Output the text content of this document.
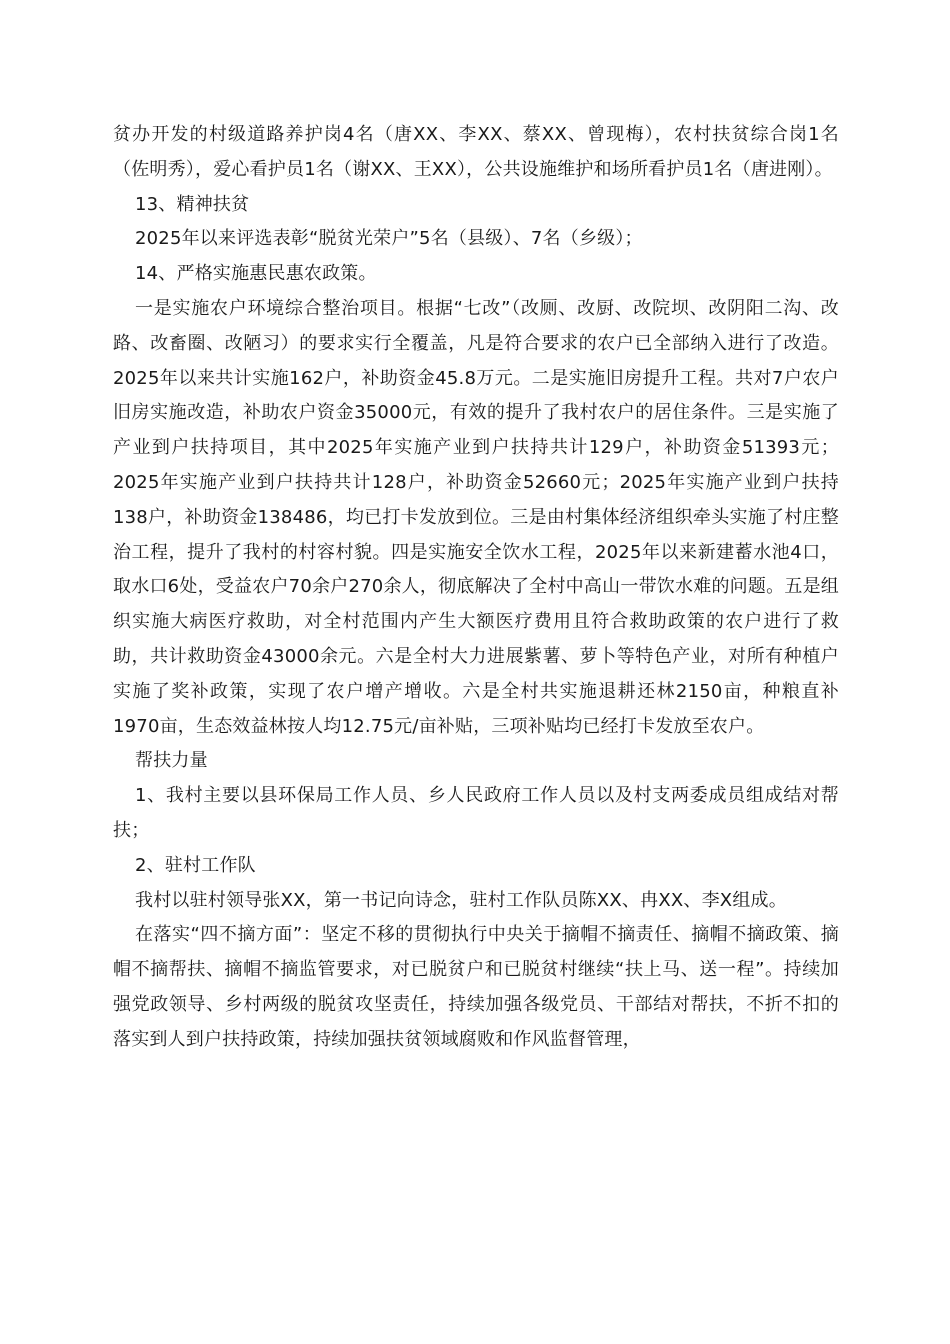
贫办开发的村级道路养护岗4名（唐XX、李XX、蔡XX、曾现梅），农村扶贫综合岗1名（佐明秀），爱心看护员1名（谢XX、王XX），公共设施维护和场所看护员1名（唐进刚）。

13、精神扶贫

2025年以来评选表彰“脱贫光荣户”5名（县级）、7名（乡级）；

14、严格实施惠民惠农政策。

一是实施农户环境综合整治项目。根据“七改”（改厕、改厨、改院坝、改阴阳二沟、改路、改畜圈、改陋习）的要求实行全覆盖，凡是符合要求的农户已全部纳入进行了改造。2025年以来共计实施162户，补助资金45.8万元。二是实施旧房提升工程。共对7户农户旧房实施改造，补助农户资金35000元，有效的提升了我村农户的居住条件。三是实施了产业到户扶持项目，其中2025年实施产业到户扶持共计129户，补助资金51393元；2025年实施产业到户扶持共计128户，补助资金52660元；2025年实施产业到户扶持138户，补助资金138486，均已打卡发放到位。三是由村集体经济组织牵头实施了村庄整治工程，提升了我村的村容村貌。四是实施安全饮水工程，2025年以来新建蓄水池4口，取水口6处，受益农户70余户270余人，彻底解决了全村中高山一带饮水难的问题。五是组织实施大病医疗救助，对全村范围内产生大额医疗费用且符合救助政策的农户进行了救助，共计救助资金43000余元。六是全村大力进展紫薯、萝卜等特色产业，对所有种植户实施了奖补政策，实现了农户增产增收。六是全村共实施退耕还林2150亩，种粮直补1970亩，生态效益林按人均12.75元/亩补贴，三项补贴均已经打卡发放至农户。

帮扶力量

1、我村主要以县环保局工作人员、乡人民政府工作人员以及村支两委成员组成结对帮扶；

2、驻村工作队

我村以驻村领导张XX，第一书记向诗念，驻村工作队员陈XX、冉XX、李X组成。

在落实“四不摘方面”：坚定不移的贯彻执行中央关于摘帽不摘责任、摘帽不摘政策、摘帽不摘帮扶、摘帽不摘监管要求，对已脱贫户和已脱贫村继续“扶上马、送一程”。持续加强党政领导、乡村两级的脱贫攻坚责任，持续加强各级党员、干部结对帮扶，不折不扣的落实到人到户扶持政策，持续加强扶贫领域腐败和作风监督管理，
